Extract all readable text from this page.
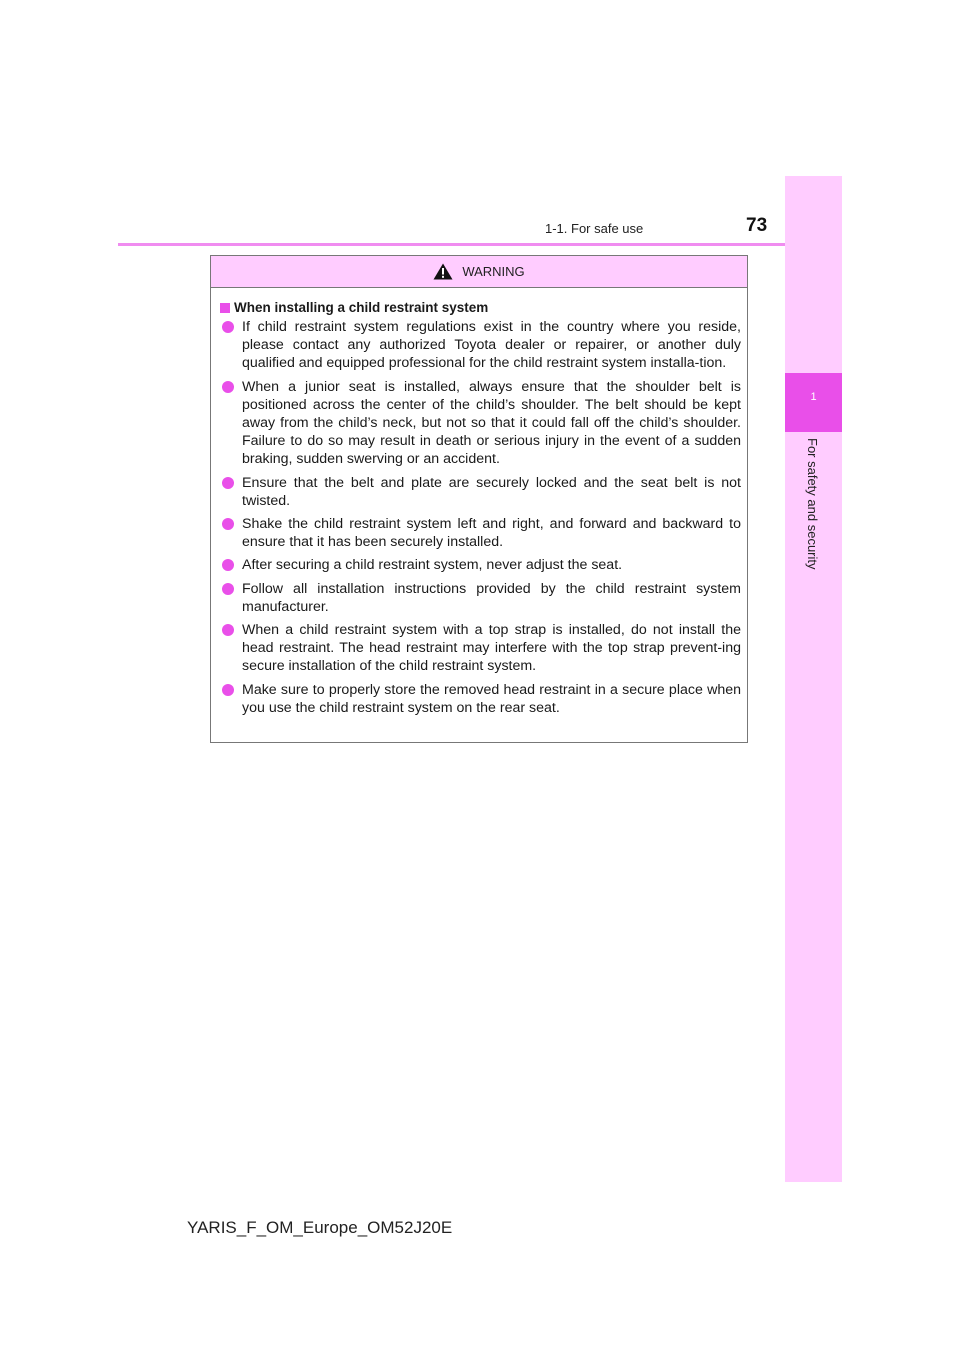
1-1. For safe use	73
1
For safety and security
WARNING
When installing a child restraint system
If child restraint system regulations exist in the country where you reside, please contact any authorized Toyota dealer or repairer, or another duly qualified and equipped professional for the child restraint system installa-tion.
When a junior seat is installed, always ensure that the shoulder belt is positioned across the center of the child’s shoulder. The belt should be kept away from the child’s neck, but not so that it could fall off the child’s shoulder. Failure to do so may result in death or serious injury in the event of a sudden braking, sudden swerving or an accident.
Ensure that the belt and plate are securely locked and the seat belt is not twisted.
Shake the child restraint system left and right, and forward and backward to ensure that it has been securely installed.
After securing a child restraint system, never adjust the seat.
Follow all installation instructions provided by the child restraint system manufacturer.
When a child restraint system with a top strap is installed, do not install the head restraint. The head restraint may interfere with the top strap prevent-ing secure installation of the child restraint system.
Make sure to properly store the removed head restraint in a secure place when you use the child restraint system on the rear seat.
YARIS_F_OM_Europe_OM52J20E
